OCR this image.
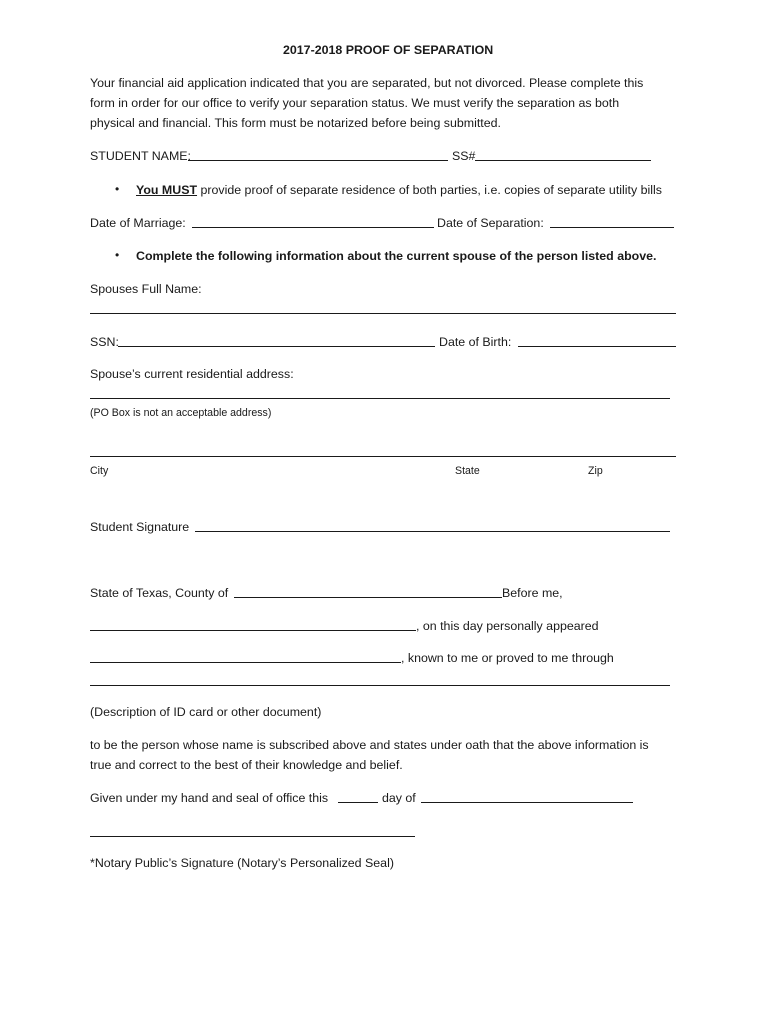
2017-2018 PROOF OF SEPARATION
Your financial aid application indicated that you are separated, but not divorced. Please complete this
form in order for our office to verify your separation status. We must verify the separation as both
physical and financial. This form must be notarized before being submitted.
STUDENT NAME:	SS#
• You MUST provide proof of separate residence of both parties, i.e. copies of separate utility bills
Date of Marriage:	Date of Separation:
• Complete the following information about the current spouse of the person listed above.
Spouses Full Name:
SSN:	Date of Birth:
Spouse’s current residential address:
(PO Box is not an acceptable address)
City	State	Zip
Student Signature
State of Texas, County of	Before me,
, on this day personally appeared
, known to me or proved to me through
(Description of ID card or other document)
to be the person whose name is subscribed above and states under oath that the above information is
true and correct to the best of their knowledge and belief.
Given under my hand and seal of office this	day of
*Notary Public’s Signature (Notary’s Personalized Seal)
